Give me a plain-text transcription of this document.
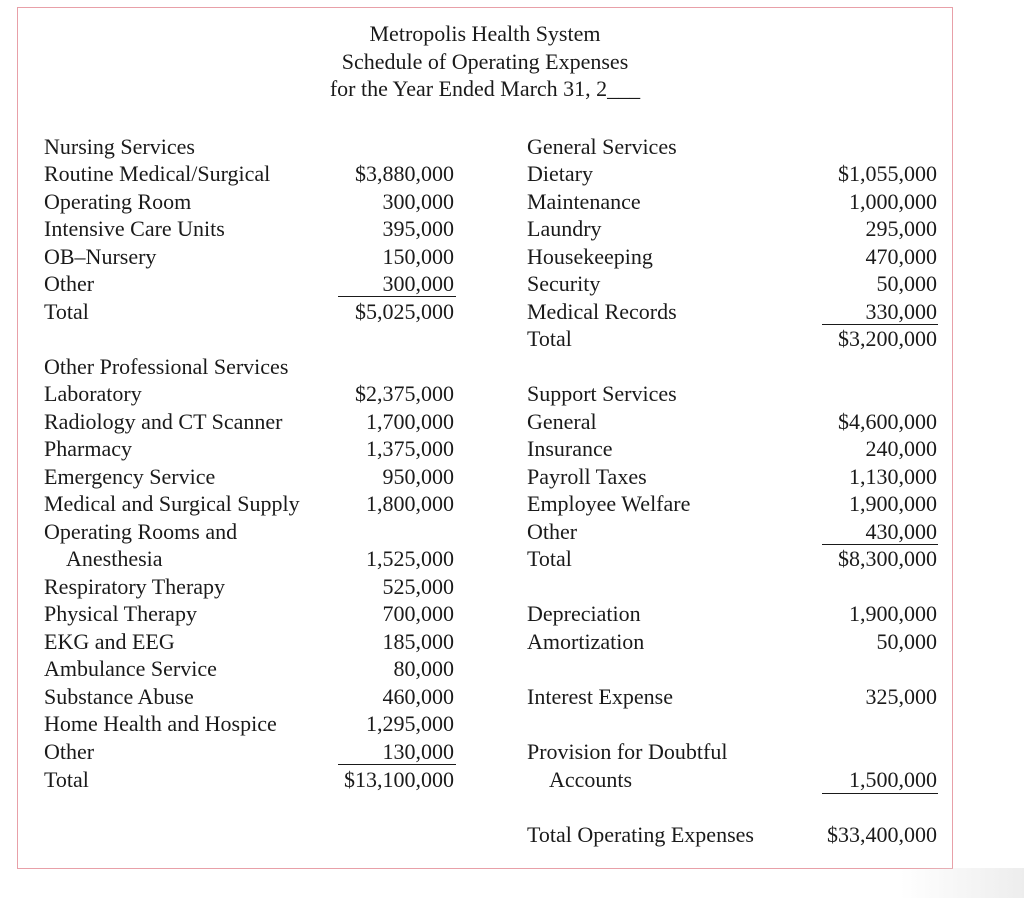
Metropolis Health System
Schedule of Operating Expenses
for the Year Ended March 31, 2___
Nursing Services
Routine Medical/Surgical	$3,880,000
Operating Room	300,000
Intensive Care Units	395,000
OB–Nursery	150,000
Other	300,000
Total	$5,025,000
Other Professional Services
Laboratory	$2,375,000
Radiology and CT Scanner	1,700,000
Pharmacy	1,375,000
Emergency Service	950,000
Medical and Surgical Supply	1,800,000
Operating Rooms and
Anesthesia	1,525,000
Respiratory Therapy	525,000
Physical Therapy	700,000
EKG and EEG	185,000
Ambulance Service	80,000
Substance Abuse	460,000
Home Health and Hospice	1,295,000
Other	130,000
Total	$13,100,000
General Services
Dietary	$1,055,000
Maintenance	1,000,000
Laundry	295,000
Housekeeping	470,000
Security	50,000
Medical Records	330,000
Total	$3,200,000
Support Services
General	$4,600,000
Insurance	240,000
Payroll Taxes	1,130,000
Employee Welfare	1,900,000
Other	430,000
Total	$8,300,000
Depreciation	1,900,000
Amortization	50,000
Interest Expense	325,000
Provision for Doubtful
Accounts	1,500,000
Total Operating Expenses	$33,400,000
